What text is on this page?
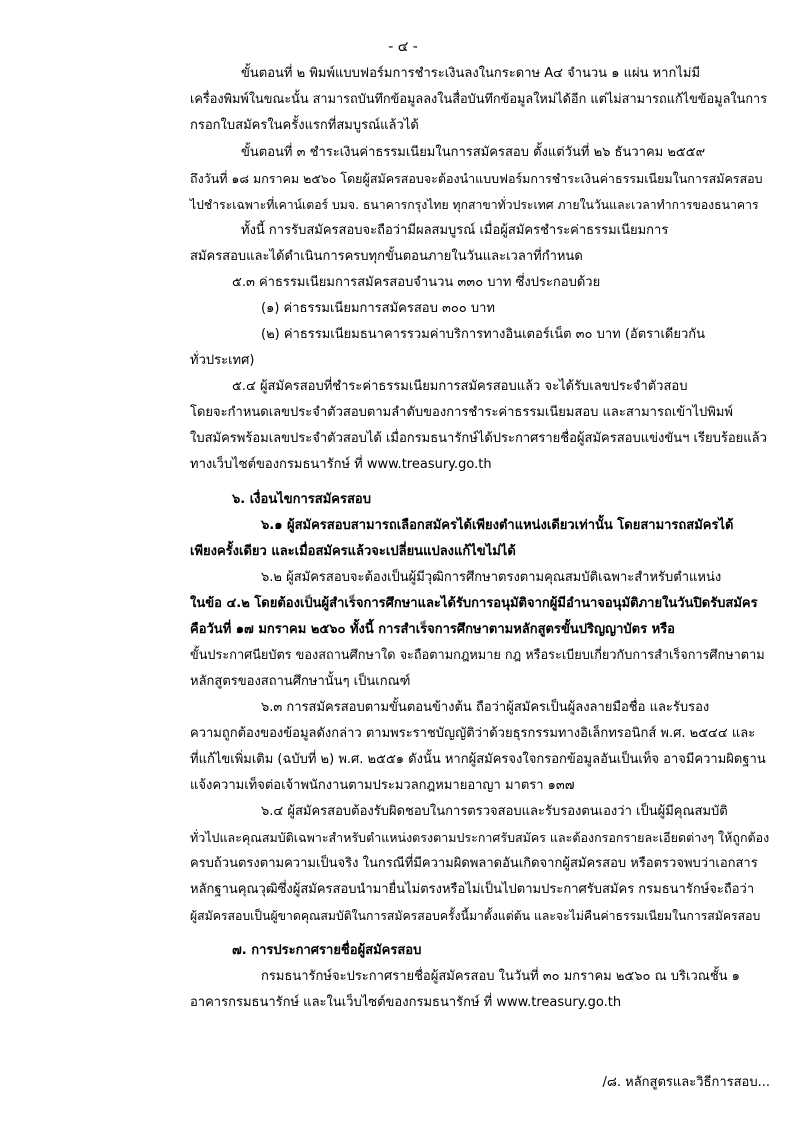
- ๔ -
ขั้นตอนที่ ๒ พิมพ์แบบฟอร์มการชำระเงินลงในกระดาษ A๔ จำนวน ๑ แผ่น หากไม่มี
เครื่องพิมพ์ในขณะนั้น สามารถบันทึกข้อมูลลงในสื่อบันทึกข้อมูลใหม่ได้อีก แต่ไม่สามารถแก้ไขข้อมูลในการ
กรอกใบสมัครในครั้งแรกที่สมบูรณ์แล้วได้
ขั้นตอนที่ ๓ ชำระเงินค่าธรรมเนียมในการสมัครสอบ ตั้งแต่วันที่ ๒๖ ธันวาคม ๒๕๕๙
ถึงวันที่ ๑๘ มกราคม ๒๕๖๐ โดยผู้สมัครสอบจะต้องนำแบบฟอร์มการชำระเงินค่าธรรมเนียมในการสมัครสอบ
ไปชำระเฉพาะที่เคาน์เตอร์ บมจ. ธนาคารกรุงไทย ทุกสาขาทั่วประเทศ ภายในวันและเวลาทำการของธนาคาร
ทั้งนี้ การรับสมัครสอบจะถือว่ามีผลสมบูรณ์ เมื่อผู้สมัครชำระค่าธรรมเนียมการ
สมัครสอบและได้ดำเนินการครบทุกขั้นตอนภายในวันและเวลาที่กำหนด
๕.๓ ค่าธรรมเนียมการสมัครสอบจำนวน ๓๓๐ บาท ซึ่งประกอบด้วย
(๑) ค่าธรรมเนียมการสมัครสอบ ๓๐๐ บาท
(๒) ค่าธรรมเนียมธนาคารรวมค่าบริการทางอินเตอร์เน็ต ๓๐ บาท (อัตราเดียวกัน
ทั่วประเทศ)
๕.๔ ผู้สมัครสอบที่ชำระค่าธรรมเนียมการสมัครสอบแล้ว จะได้รับเลขประจำตัวสอบ
โดยจะกำหนดเลขประจำตัวสอบตามลำดับของการชำระค่าธรรมเนียมสอบ และสามารถเข้าไปพิมพ์
ใบสมัครพร้อมเลขประจำตัวสอบได้ เมื่อกรมธนารักษ์ได้ประกาศรายชื่อผู้สมัครสอบแข่งขันฯ เรียบร้อยแล้ว
ทางเว็บไซต์ของกรมธนารักษ์ ที่ www.treasury.go.th
๖. เงื่อนไขการสมัครสอบ
๖.๑ ผู้สมัครสอบสามารถเลือกสมัครได้เพียงตำแหน่งเดียวเท่านั้น โดยสามารถสมัครได้
เพียงครั้งเดียว และเมื่อสมัครแล้วจะเปลี่ยนแปลงแก้ไขไม่ได้
๖.๒ ผู้สมัครสอบจะต้องเป็นผู้มีวุฒิการศึกษาตรงตามคุณสมบัติเฉพาะสำหรับตำแหน่ง
ในข้อ ๔.๒ โดยต้องเป็นผู้สำเร็จการศึกษาและได้รับการอนุมัติจากผู้มีอำนาจอนุมัติภายในวันปิดรับสมัคร
คือวันที่ ๑๗ มกราคม ๒๕๖๐ ทั้งนี้ การสำเร็จการศึกษาตามหลักสูตรขั้นปริญญาบัตร หรือ
ขั้นประกาศนียบัตร ของสถานศึกษาใด จะถือตามกฎหมาย กฎ หรือระเบียบเกี่ยวกับการสำเร็จการศึกษาตาม
หลักสูตรของสถานศึกษานั้นๆ เป็นเกณฑ์
๖.๓ การสมัครสอบตามขั้นตอนข้างต้น ถือว่าผู้สมัครเป็นผู้ลงลายมือชื่อ และรับรอง
ความถูกต้องของข้อมูลดังกล่าว ตามพระราชบัญญัติว่าด้วยธุรกรรมทางอิเล็กทรอนิกส์ พ.ศ. ๒๕๔๔ และ
ที่แก้ไขเพิ่มเติม (ฉบับที่ ๒) พ.ศ. ๒๕๕๑ ดังนั้น หากผู้สมัครจงใจกรอกข้อมูลอันเป็นเท็จ อาจมีความผิดฐาน
แจ้งความเท็จต่อเจ้าพนักงานตามประมวลกฎหมายอาญา มาตรา ๑๓๗
๖.๔ ผู้สมัครสอบต้องรับผิดชอบในการตรวจสอบและรับรองตนเองว่า เป็นผู้มีคุณสมบัติ
ทั่วไปและคุณสมบัติเฉพาะสำหรับตำแหน่งตรงตามประกาศรับสมัคร และต้องกรอกรายละเอียดต่างๆ ให้ถูกต้อง
ครบถ้วนตรงตามความเป็นจริง ในกรณีที่มีความผิดพลาดอันเกิดจากผู้สมัครสอบ หรือตรวจพบว่าเอกสาร
หลักฐานคุณวุฒิซึ่งผู้สมัครสอบนำมายื่นไม่ตรงหรือไม่เป็นไปตามประกาศรับสมัคร กรมธนารักษ์จะถือว่า
ผู้สมัครสอบเป็นผู้ขาดคุณสมบัติในการสมัครสอบครั้งนี้มาตั้งแต่ต้น และจะไม่คืนค่าธรรมเนียมในการสมัครสอบ
๗. การประกาศรายชื่อผู้สมัครสอบ
กรมธนารักษ์จะประกาศรายชื่อผู้สมัครสอบ ในวันที่ ๓๐ มกราคม ๒๕๖๐ ณ บริเวณชั้น ๑
อาคารกรมธนารักษ์ และในเว็บไซต์ของกรมธนารักษ์ ที่ www.treasury.go.th
/๘. หลักสูตรและวิธีการสอบ...
